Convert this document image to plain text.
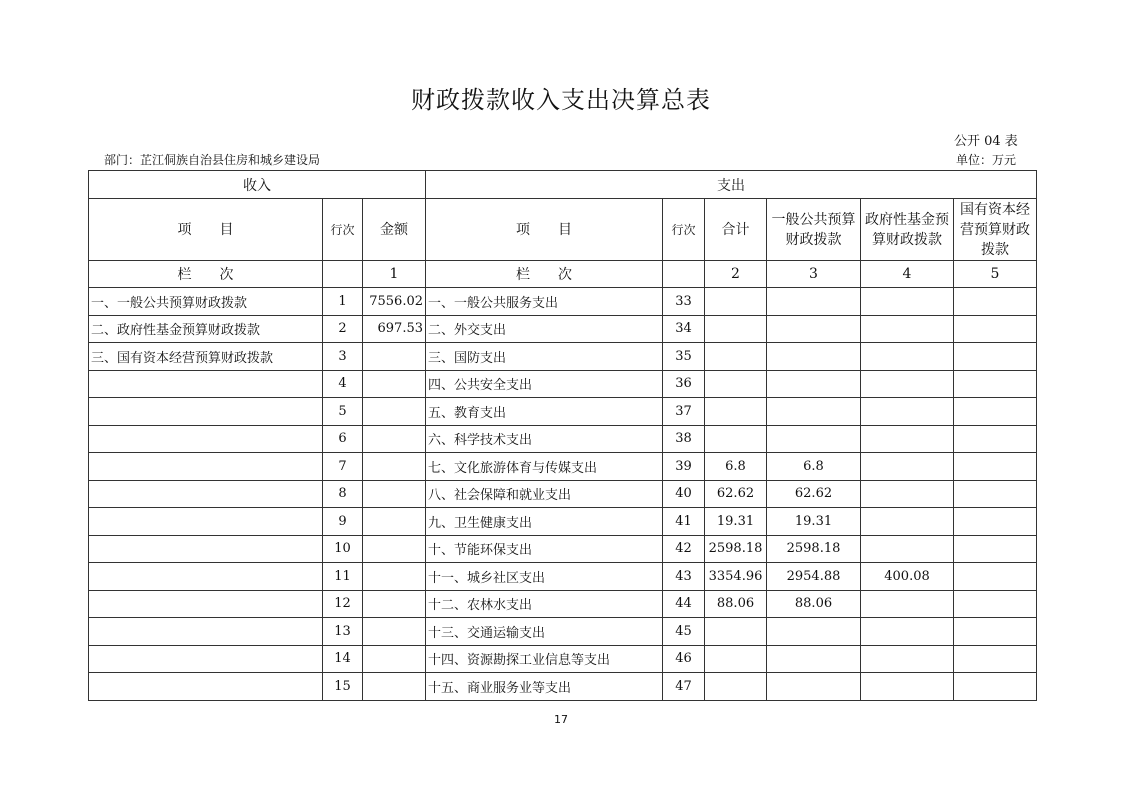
财政拨款收入支出决算总表
公开 04 表
部门：芷江侗族自治县住房和城乡建设局	单位：万元
收入			支出					
项　　目	行次	金额	项　　目	行次	合计	一般公共预算财政拨款	政府性基金预算财政拨款	国有资本经营预算财政拨款
栏　　次		1	栏　　次		2	3	4	5
一、一般公共预算财政拨款	1	7556.02	一、一般公共服务支出	33				
二、政府性基金预算财政拨款	2	697.53	二、外交支出	34				
三、国有资本经营预算财政拨款	3		三、国防支出	35				
	4		四、公共安全支出	36				
	5		五、教育支出	37				
	6		六、科学技术支出	38				
	7		七、文化旅游体育与传媒支出	39	6.8	6.8		
	8		八、社会保障和就业支出	40	62.62	62.62		
	9		九、卫生健康支出	41	19.31	19.31		
	10		十、节能环保支出	42	2598.18	2598.18		
	11		十一、城乡社区支出	43	3354.96	2954.88	400.08	
	12		十二、农林水支出	44	88.06	88.06		
	13		十三、交通运输支出	45				
	14		十四、资源勘探工业信息等支出	46				
	15		十五、商业服务业等支出	47				
17
